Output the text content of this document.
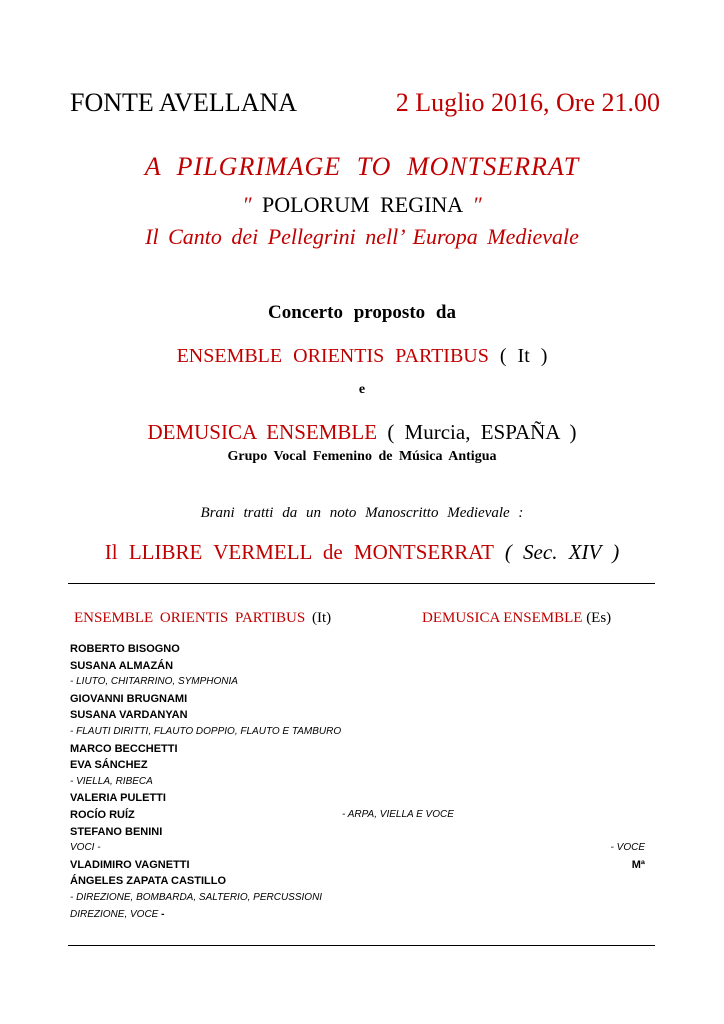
FONTE AVELLANA	2 Luglio 2016, Ore 21.00
A PILGRIMAGE TO MONTSERRAT
″ POLORUM REGINA ″
Il Canto dei Pellegrini nell’ Europa Medievale
Concerto proposto da
ENSEMBLE ORIENTIS PARTIBUS ( It )
e
DEMUSICA ENSEMBLE ( Murcia, ESPAÑA )
Grupo Vocal Femenino de Música Antigua
Brani tratti da un noto Manoscritto Medievale :
Il LLIBRE VERMELL de MONTSERRAT ( Sec. XIV )
ENSEMBLE ORIENTIS PARTIBUS (It)	DEMUSICA ENSEMBLE (Es)
ROBERTO BISOGNO
SUSANA ALMAZÁN
- LIUTO, CHITARRINO, SYMPHONIA
GIOVANNI BRUGNAMI
SUSANA VARDANYAN
- FLAUTI DIRITTI, FLAUTO DOPPIO, FLAUTO E TAMBURO
MARCO BECCHETTI
EVA SÁNCHEZ
- VIELLA, RIBECA
VALERIA PULETTI
ROCÍO RUÍZ	- ARPA, VIELLA E VOCE
STEFANO BENINI
VOCI -	- VOCE
VLADIMIRO VAGNETTI	Mª
ÁNGELES ZAPATA CASTILLO
- DIREZIONE, BOMBARDA, SALTERIO, PERCUSSIONI
DIREZIONE, VOCE -
